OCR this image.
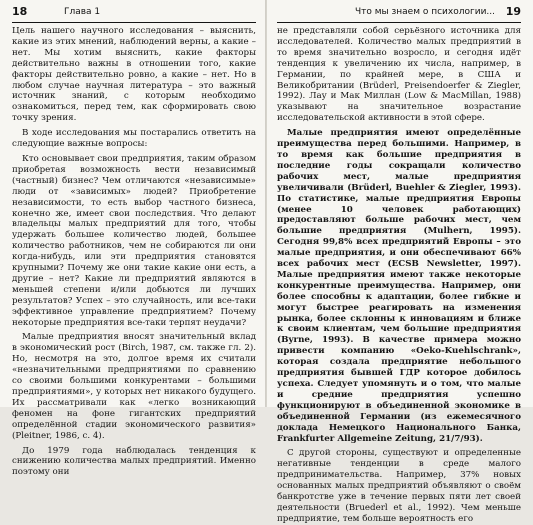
18	Глава 1

Цель нашего научного исследования – выяснить, какие из этих мнений, наблюдений верны, а какие – нет. Мы хотим выяснить, какие факторы действительно важны в отношении того, какие факторы действительно ровно, а какие – нет. Но в любом случае научная литература – это важный источник знаний, с которым необходимо ознакомиться, перед тем, как сформировать свою точку зрения.

В ходе исследования мы постарались ответить на следующие важные вопросы:

Кто основывает свои предприятия, таким образом приобретая возможность вести независимый (частный) бизнес? Чем отличаются «независимые» люди от «зависимых» людей? Приобретение независимости, то есть выбор частного бизнеса, конечно же, имеет свои последствия. Что делают владельцы малых предприятий для того, чтобы удержать большее количество людей, большее количество работников, чем не собираются ли они когда-нибудь, или эти предприятия становятся крупными? Почему же они такие какие они есть, а другие – нет? Какие ли предприятий являются в меньшей степени и/или добьются ли лучших результатов? Успех – это случайность, или все-таки эффективное управление предприятием? Почему некоторые предприятия все-таки терпят неудачи?

Малые предприятия вносят значительный вклад в экономический рост (Birch, 1987, см. также гл. 2). Но, несмотря на это, долгое время их считали «незначительными предприятиями по сравнению со своими большими конкурентами – большими предприятиями», у которых нет никакого будущего. Их рассматривали как «легко возникающий феномен на фоне гигантских предприятий определённой стадии экономического развития» (Pleitner, 1986, c. 4).

До 1979 года наблюдалась тенденция к снижению количества малых предприятий. Именно поэтому они

Что мы знаем о психологии... 19

не представляли собой серьёзного источника для исследователей. Количество малых предприятий в то время значительно возросло, и сегодня идёт тенденция к увеличению их числа, например, в Германии, по крайней мере, в США и Великобритании (Brüderl, Preisendoerfer & Ziegler, 1992). Лау и Мак Миллан (Low & MacMillan, 1988) указывают на значительное возрастание исследовательской активности в этой сфере.

Малые предприятия имеют определённые преимущества перед большими. Например, в то время как большие предприятия в последние годы сокращали количество рабочих мест, малые предприятия увеличивали (Brüderl, Buehler & Ziegler, 1993). По статистике, малые предприятия Европы (менее 10 человек работающих) предоставляют больше рабочих мест, чем большие предприятия (Mulhern, 1995). Сегодня 99,8% всех предприятий Европы – это малые предприятия, и они обеспечивают 66% всех рабочих мест (ECSB Newsletter, 1997). Малые предприятия имеют также некоторые конкурентные преимущества. Например, они более способны к адаптации, более гибкие и могут быстрее реагировать на изменения рынка, более склонны к инновациям и ближе к своим клиентам, чем большие предприятия (Byrne, 1993). В качестве примера можно привести компанию «Oeko-Kuehlschrank», которая создала предприятие небольшого предприятия бывшей ГДР которое добилось успеха. Следует упомянуть и о том, что малые и средние предприятия успешно функционируют в объединенной экономике в объединенной Германии (из ежемесячного доклада Немецкого Национального Банка, Frankfurter Allgemeine Zeitung, 21/7/93).

С другой стороны, существуют и определенные негативные тенденции в среде малого предпринимательства. Например, 37% новых основанных малых предприятий объявляют о своём банкротстве уже в течение первых пяти лет своей деятельности (Bruederl et al., 1992). Чем меньше предприятие, тем больше вероятность его
